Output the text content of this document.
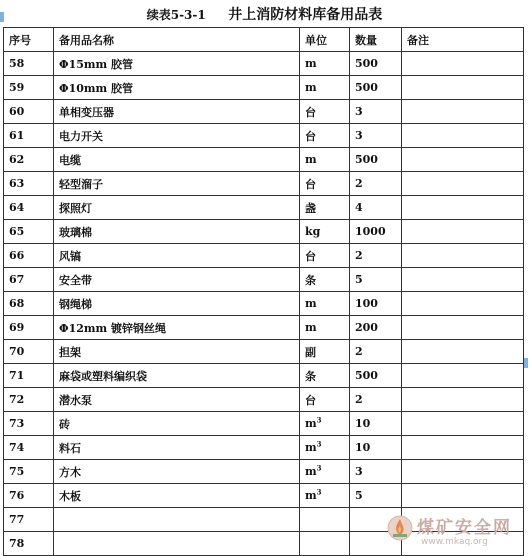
续表5-3-1 井上消防材料库备用品表
序号	备用品名称	单位	数量	备注
58	Φ15mm 胶管	m	500	
59	Φ10mm 胶管	m	500	
60	单相变压器	台	3	
61	电力开关	台	3	
62	电缆	m	500	
63	轻型溜子	台	2	
64	探照灯	盏	4	
65	玻璃棉	kg	1000	
66	风镐	台	2	
67	安全带	条	5	
68	钢绳梯	m	100	
69	Φ12mm 镀锌钢丝绳	m	200	
70	担架	副	2	
71	麻袋或塑料编织袋	条	500	
72	潜水泵	台	2	
73	砖	$m^3$	10	
74	料石	$m^3$	10	
75	方木	$m^3$	3	
76	木板	$m^3$	5	
77				
78				
煤矿安全网
www.mkaq.org
